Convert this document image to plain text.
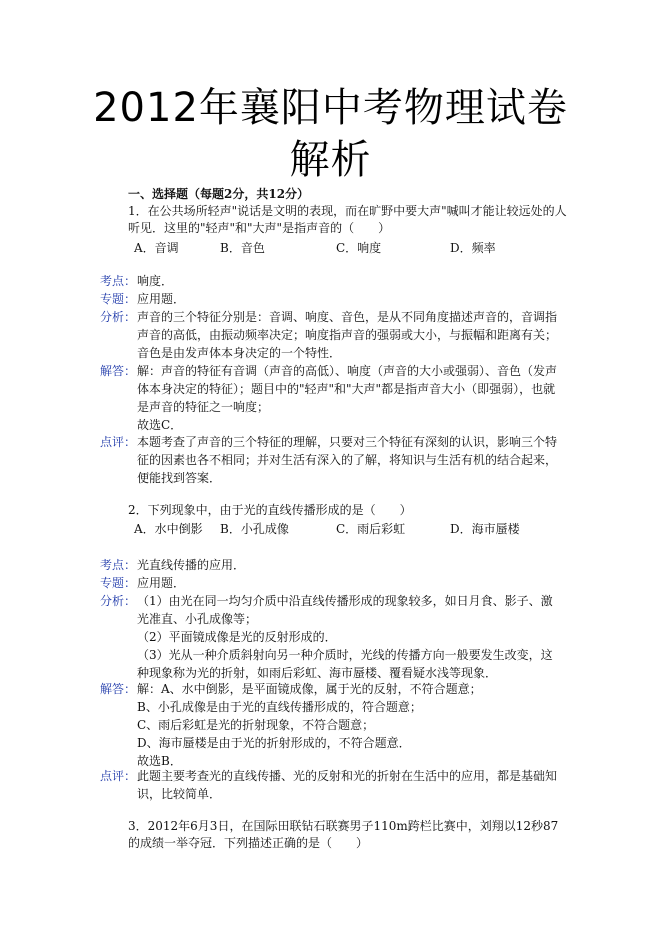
2012年襄阳中考物理试卷
解析
一、选择题（每题2分，共12分）

1．在公共场所轻声"说话是文明的表现，而在旷野中要大声"喊叫才能让较远处的人听见．这里的"轻声"和"大声"是指声音的（　　）

A．音调	B．音色	C．响度	D．频率
考点： 响度．
专题： 应用题．
分析： 声音的三个特征分别是：音调、响度、音色，是从不同角度描述声音的，音调指声音的高低，由振动频率决定；响度指声音的强弱或大小，与振幅和距离有关；音色是由发声体本身决定的一个特性．
解答： 解：声音的特征有音调（声音的高低）、响度（声音的大小或强弱）、音色（发声体本身决定的特征）；题目中的"轻声"和"大声"都是指声音大小（即强弱），也就是声音的特征之一响度；

故选C．

点评： 本题考查了声音的三个特征的理解，只要对三个特征有深刻的认识，影响三个特征的因素也各不相同；并对生活有深入的了解，将知识与生活有机的结合起来，便能找到答案．

2．下列现象中，由于光的直线传播形成的是（　　）

A．水中倒影 B．小孔成像	C．雨后彩虹	D．海市蜃楼
考点： 光直线传播的应用．
专题： 应用题．
分析： （1）由光在同一均匀介质中沿直线传播形成的现象较多，如日月食、影子、激光准直、小孔成像等；

（2）平面镜成像是光的反射形成的．

（3）光从一种介质斜射向另一种介质时，光线的传播方向一般要发生改变，这种现象称为光的折射，如雨后彩虹、海市蜃楼、覆看疑水浅等现象．

解答： 解：A、水中倒影，是平面镜成像，属于光的反射，不符合题意；

B、小孔成像是由于光的直线传播形成的，符合题意；

C、雨后彩虹是光的折射现象，不符合题意；

D、海市蜃楼是由于光的折射形成的，不符合题意．

故选B．

点评： 此题主要考查光的直线传播、光的反射和光的折射在生活中的应用，都是基础知识，比较简单．

3．2012年6月3日，在国际田联钻石联赛男子110m跨栏比赛中，刘翔以12秒87的成绩一举夺冠．下列描述正确的是（　　）
